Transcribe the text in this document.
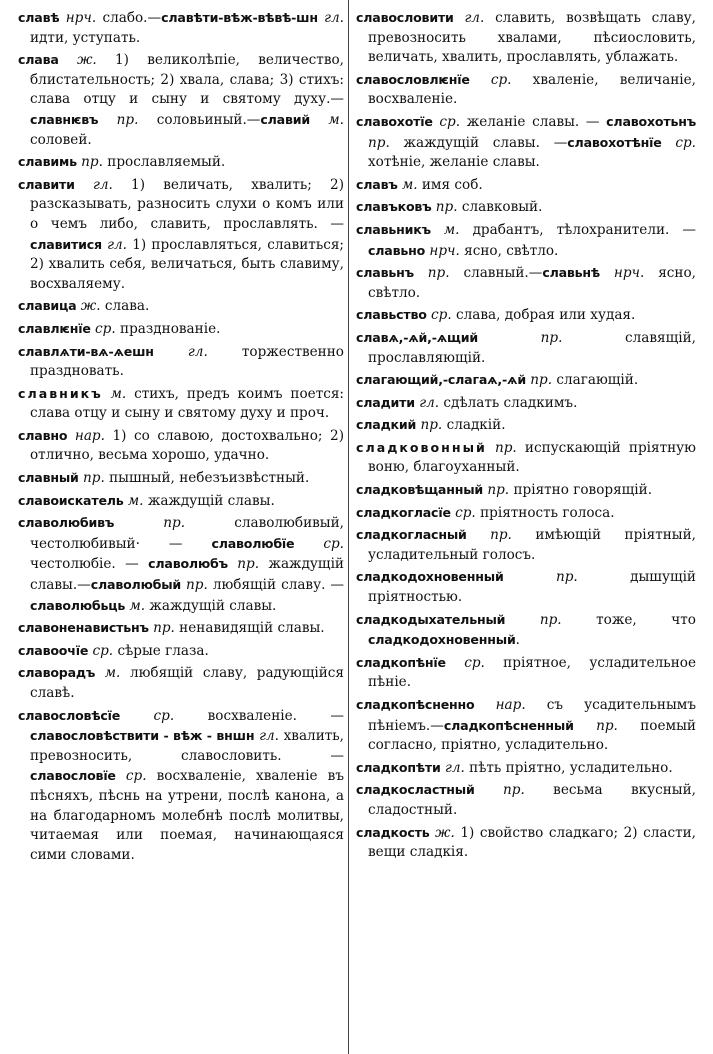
славѣ нрч. слабо.—славѣти-вѣж-вѣвѣ-шн гл. идти, уступать.

слава ж. 1) великолѣпіе, величество, блистательность; 2) хвала, слава; 3) стихъ: слава отцу и сыну и святому духу.—славнѥвъ пр. соловьиный.—славий м. соловей.

славимь пр. прославляемый.

славити гл. 1) величать, хвалить; 2) разсказывать, разносить слухи о комъ или о чемъ либо, славить, прославлять. — славитися гл. 1) прославляться, славиться; 2) хвалить себя, величаться, быть славиму, восхваляему.

славица ж. слава.

славлѥнїе ср. празднованіе.

славлѧти-вѧ-ѧешн гл. торжественно праздновать.

славникъ м. стихъ, предъ коимъ поется: слава отцу и сыну и святому духу и проч.

славно нар. 1) со славою, достохвально; 2) отлично, весьма хорошо, удачно.

славный пр. пышный, небезъизвѣстный.

славоискатель м. жаждущій славы.

славолюбивъ пр. славолюбивый, честолюбивый· — славолюбїе ср. честолюбіе. — славолюбъ пр. жаждущій славы.—славолюбый пр. любящій славу. — славолюбьць м. жаждущій славы.

славоненавистьнъ пр. ненавидящій славы.

славоочїе ср. сѣрые глаза.

славорадъ м. любящій славу, радующійся славѣ.

славословѣсїе ср. восхваленіе. — славословѣствити - вѣж - вншн гл. хвалить, превозносить, славословить. — славословїе ср. восхваленіе, хваленіе въ пѣсняхъ, пѣснь на утрени, послѣ канона, а на благодарномъ молебнѣ послѣ молитвы, читаемая или поемая, начинающаяся сими словами.

славословити гл. славить, возвѣщать славу, превозносить хвалами, пѣсиословить, величать, хвалить, прославлять, ублажать.

славословлѥнїе ср. хваленіе, величаніе, восхваленіе.

славохотїе ср. желаніе славы. — славохотьнъ пр. жаждущій славы. —славохотѣнїе ср. хотѣніе, желаніе славы.

славъ м. имя соб.

славъковъ пр. славковый.

славьникъ м. драбантъ, тѣлохранители. — славьно нрч. ясно, свѣтло.

славьнъ пр. славный.—славьнѣ нрч. ясно, свѣтло.

славьство ср. слава, добрая или худая.

славѧ,-ѧй,-ѧщий пр. славящій, прославляющій.

слагающий,-слагаѧ,-ѧй пр. слагающій.

сладити гл. сдѣлать сладкимъ.

сладкий пр. сладкій.

сладковонный пр. испускающій пріятную воню, благоуханный.

сладковѣщанный пр. пріятно говорящій.

сладкогласїе ср. пріятность голоса.

сладкогласный пр. имѣющій пріятный, усладительный голосъ.

сладкодохновенный пр. дышущій пріятностью.

сладкодыхательный пр. тоже, что сладкодохновенный.

сладкопѣнїе ср. пріятное, усладительное пѣніе.

сладкопѣсненно нар. съ усадительнымъ пѣніемъ.—сладкопѣсненный пр. поемый согласно, пріятно, усладительно.

сладкопѣти гл. пѣть пріятно, усладительно.

сладкосластный пр. весьма вкусный, сладостный.

сладкость ж. 1) свойство сладкаго; 2) сласти, вещи сладкія.
